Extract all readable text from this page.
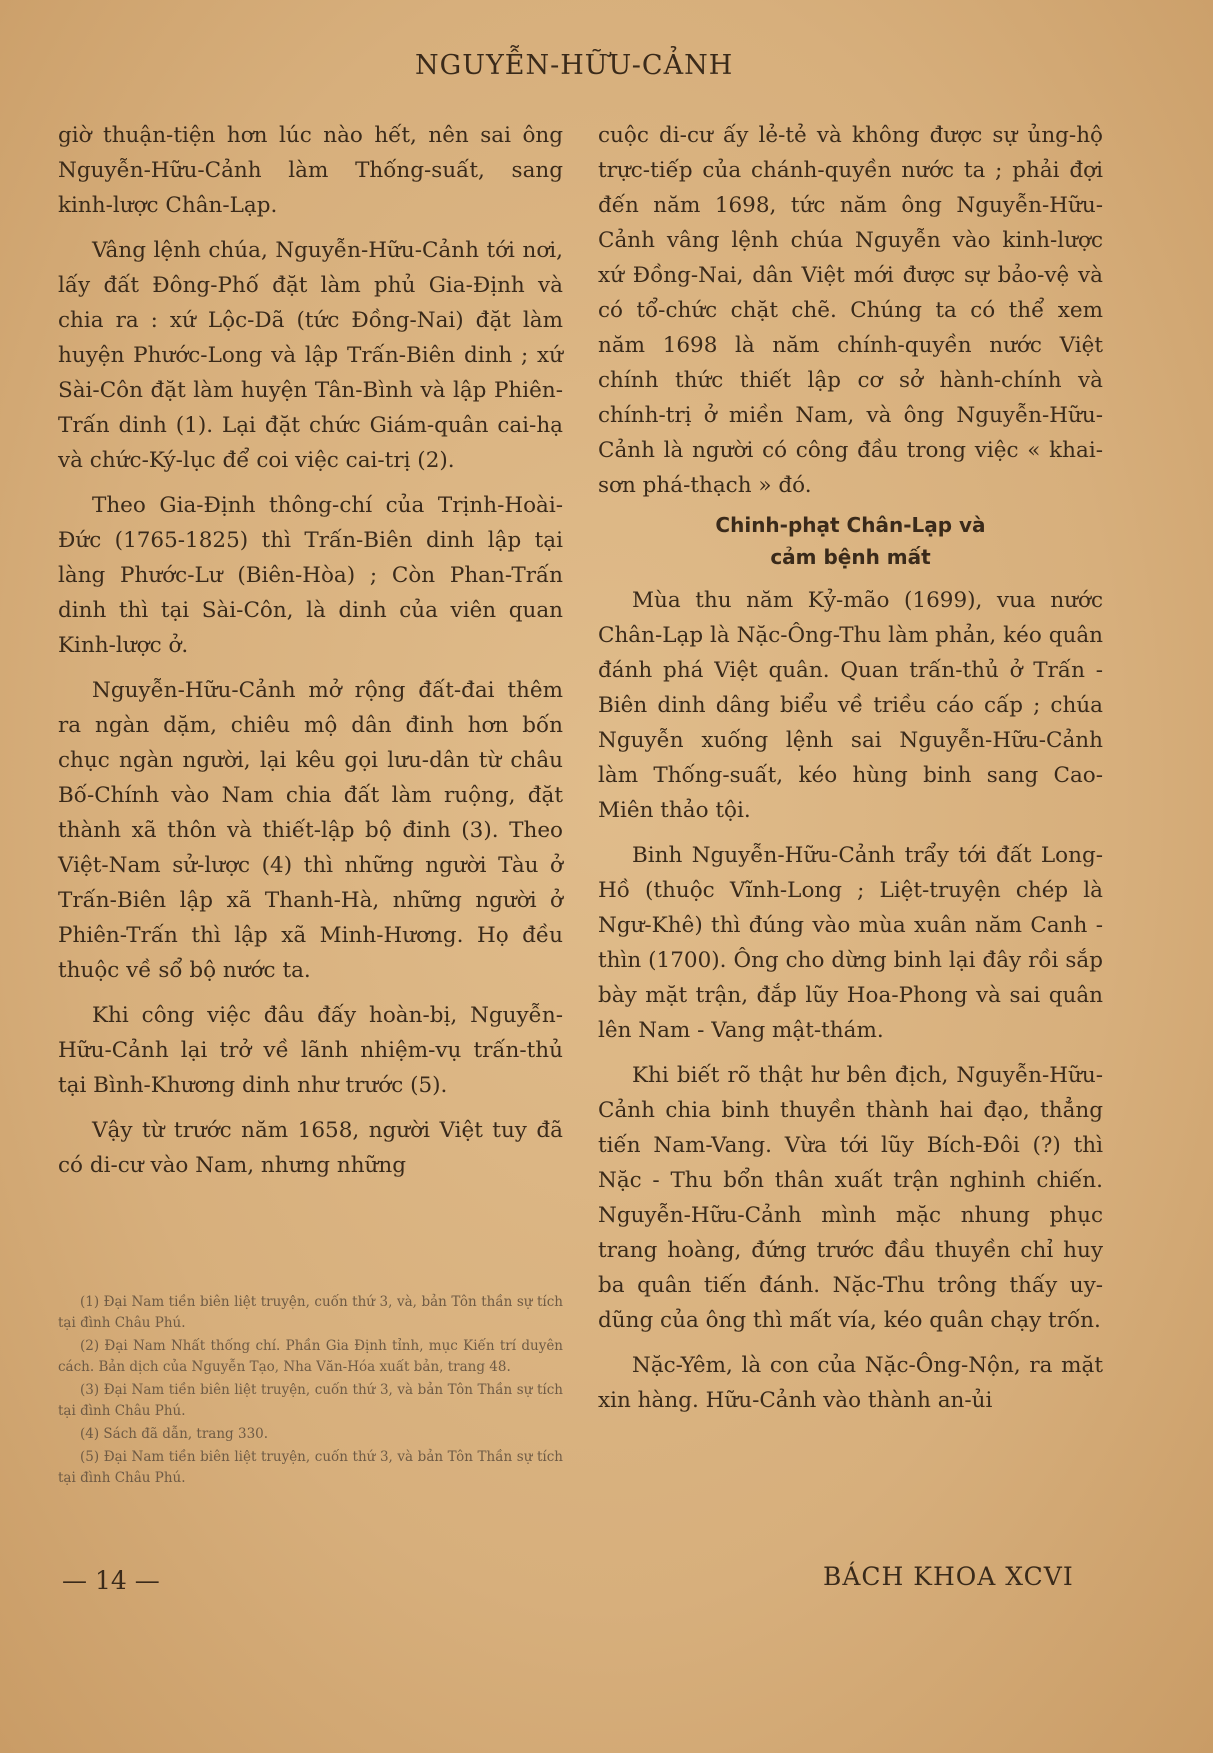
NGUYỄN-HỮU-CẢNH

giờ thuận-tiện hơn lúc nào hết, nên sai ông Nguyễn-Hữu-Cảnh làm Thống-suất, sang kinh-lược Chân-Lạp.

Vâng lệnh chúa, Nguyễn-Hữu-Cảnh tới nơi, lấy đất Đông-Phố đặt làm phủ Gia-Định và chia ra : xứ Lộc-Dã (tức Đồng-Nai) đặt làm huyện Phước-Long và lập Trấn-Biên dinh ; xứ Sài-Côn đặt làm huyện Tân-Bình và lập Phiên-Trấn dinh (1). Lại đặt chức Giám-quân cai-hạ và chức-Ký-lục để coi việc cai-trị (2).

Theo Gia-Định thông-chí của Trịnh-Hoài-Đức (1765-1825) thì Trấn-Biên dinh lập tại làng Phước-Lư (Biên-Hòa) ; Còn Phan-Trấn dinh thì tại Sài-Côn, là dinh của viên quan Kinh-lược ở.

Nguyễn-Hữu-Cảnh mở rộng đất-đai thêm ra ngàn dặm, chiêu mộ dân đinh hơn bốn chục ngàn người, lại kêu gọi lưu-dân từ châu Bố-Chính vào Nam chia đất làm ruộng, đặt thành xã thôn và thiết-lập bộ đinh (3). Theo Việt-Nam sử-lược (4) thì những người Tàu ở Trấn-Biên lập xã Thanh-Hà, những người ở Phiên-Trấn thì lập xã Minh-Hương. Họ đều thuộc về sổ bộ nước ta.

Khi công việc đâu đấy hoàn-bị, Nguyễn-Hữu-Cảnh lại trở về lãnh nhiệm-vụ trấn-thủ tại Bình-Khương dinh như trước (5).

Vậy từ trước năm 1658, người Việt tuy đã có di-cư vào Nam, nhưng những

(1) Đại Nam tiền biên liệt truyện, cuốn thứ 3, và, bản Tôn thần sự tích tại đình Châu Phú.

(2) Đại Nam Nhất thống chí. Phần Gia Định tỉnh, mục Kiến trí duyên cách. Bản dịch của Nguyễn Tạo, Nha Văn-Hóa xuất bản, trang 48.

(3) Đại Nam tiền biên liệt truyện, cuốn thứ 3, và bản Tôn Thần sự tích tại đình Châu Phú.

(4) Sách đã dẫn, trang 330.

(5) Đại Nam tiền biên liệt truyện, cuốn thứ 3, và bản Tôn Thần sự tích tại đình Châu Phú.

cuộc di-cư ấy lẻ-tẻ và không được sự ủng-hộ trực-tiếp của chánh-quyền nước ta ; phải đợi đến năm 1698, tức năm ông Nguyễn-Hữu-Cảnh vâng lệnh chúa Nguyễn vào kinh-lược xứ Đồng-Nai, dân Việt mới được sự bảo-vệ và có tổ-chức chặt chẽ. Chúng ta có thể xem năm 1698 là năm chính-quyền nước Việt chính thức thiết lập cơ sở hành-chính và chính-trị ở miền Nam, và ông Nguyễn-Hữu-Cảnh là người có công đầu trong việc « khai-sơn phá-thạch » đó.

Chinh-phạt Chân-Lạp và
cảm bệnh mất

Mùa thu năm Kỷ-mão (1699), vua nước Chân-Lạp là Nặc-Ông-Thu làm phản, kéo quân đánh phá Việt quân. Quan trấn-thủ ở Trấn - Biên dinh dâng biểu về triều cáo cấp ; chúa Nguyễn xuống lệnh sai Nguyễn-Hữu-Cảnh làm Thống-suất, kéo hùng binh sang Cao-Miên thảo tội.

Binh Nguyễn-Hữu-Cảnh trẩy tới đất Long-Hồ (thuộc Vĩnh-Long ; Liệt-truyện chép là Ngư-Khê) thì đúng vào mùa xuân năm Canh - thìn (1700). Ông cho dừng binh lại đây rồi sắp bày mặt trận, đắp lũy Hoa-Phong và sai quân lên Nam - Vang mật-thám.

Khi biết rõ thật hư bên địch, Nguyễn-Hữu-Cảnh chia binh thuyền thành hai đạo, thẳng tiến Nam-Vang. Vừa tới lũy Bích-Đôi (?) thì Nặc - Thu bổn thân xuất trận nghinh chiến. Nguyễn-Hữu-Cảnh mình mặc nhung phục trang hoàng, đứng trước đầu thuyền chỉ huy ba quân tiến đánh. Nặc-Thu trông thấy uy-dũng của ông thì mất vía, kéo quân chạy trốn.

Nặc-Yêm, là con của Nặc-Ông-Nộn, ra mặt xin hàng. Hữu-Cảnh vào thành an-ủi

— 14 —	BÁCH KHOA XCVI
